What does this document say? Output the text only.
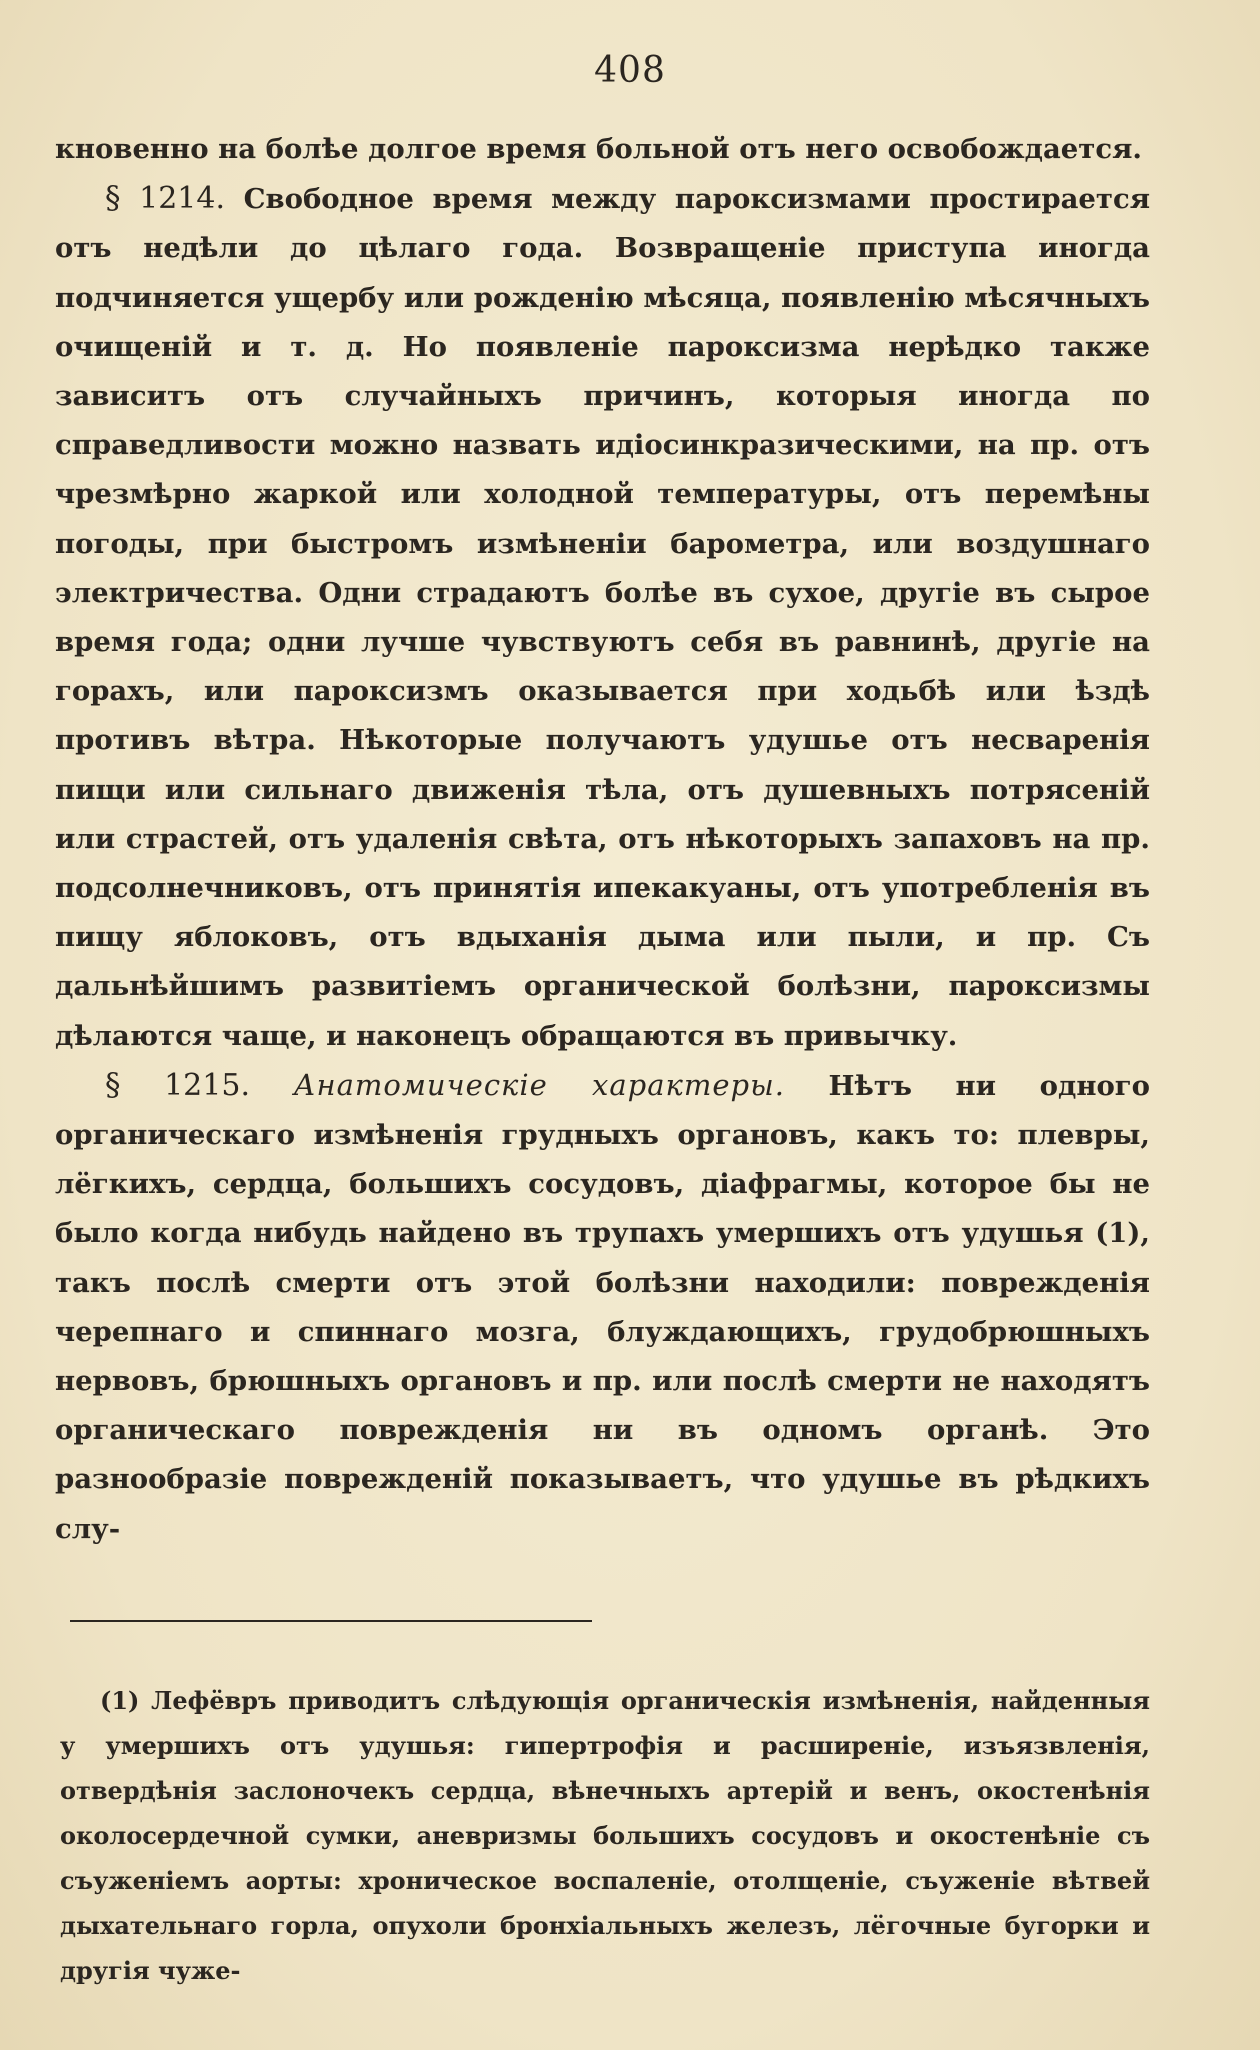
408

кновенно на болѣе долгое время больной отъ него освобождается.

§ 1214. Свободное время между пароксизмами простирается отъ недѣли до цѣлаго года. Возвращеніе приступа иногда подчиняется ущербу или рожденію мѣсяца, появленію мѣсячныхъ очищеній и т. д. Но появленіе пароксизма нерѣдко также зависитъ отъ случайныхъ причинъ, которыя иногда по справедливости можно назвать идіосинкразическими, на пр. отъ чрезмѣрно жаркой или холодной температуры, отъ перемѣны погоды, при быстромъ измѣненіи барометра, или воздушнаго электричества. Одни страдаютъ болѣе въ сухое, другіе въ сырое время года; одни лучше чувствуютъ себя въ равнинѣ, другіе на горахъ, или пароксизмъ оказывается при ходьбѣ или ѣздѣ противъ вѣтра. Нѣкоторые получаютъ удушье отъ несваренія пищи или сильнаго движенія тѣла, отъ душевныхъ потрясеній или страстей, отъ удаленія свѣта, отъ нѣкоторыхъ запаховъ на пр. подсолнечниковъ, отъ принятія ипекакуаны, отъ употребленія въ пищу яблоковъ, отъ вдыханія дыма или пыли, и пр. Съ дальнѣйшимъ развитіемъ органической болѣзни, пароксизмы дѣлаются чаще, и наконецъ обращаются въ привычку.

§ 1215. Анатомическіе характеры. Нѣтъ ни одного органическаго измѣненія грудныхъ органовъ, какъ то: плевры, лёгкихъ, сердца, большихъ сосудовъ, діафрагмы, которое бы не было когда нибудь найдено въ трупахъ умершихъ отъ удушья (1), такъ послѣ смерти отъ этой болѣзни находили: поврежденія черепнаго и спиннаго мозга, блуждающихъ, грудобрюшныхъ нервовъ, брюшныхъ органовъ и пр. или послѣ смерти не находятъ органическаго поврежденія ни въ одномъ органѣ. Это разнообразіе поврежденій показываетъ, что удушье въ рѣдкихъ слу-

(1) Лефёвръ приводитъ слѣдующія органическія измѣненія, найденныя у умершихъ отъ удушья: гипертрофія и расширеніе, изъязвленія, отвердѣнія заслоночекъ сердца, вѣнечныхъ артерій и венъ, окостенѣнія околосердечной сумки, аневризмы большихъ сосудовъ и окостенѣніе съ съуженіемъ аорты: хроническое воспаленіе, отолщеніе, съуженіе вѣтвей дыхательнаго горла, опухоли бронхіальныхъ железъ, лёгочные бугорки и другія чуже-
